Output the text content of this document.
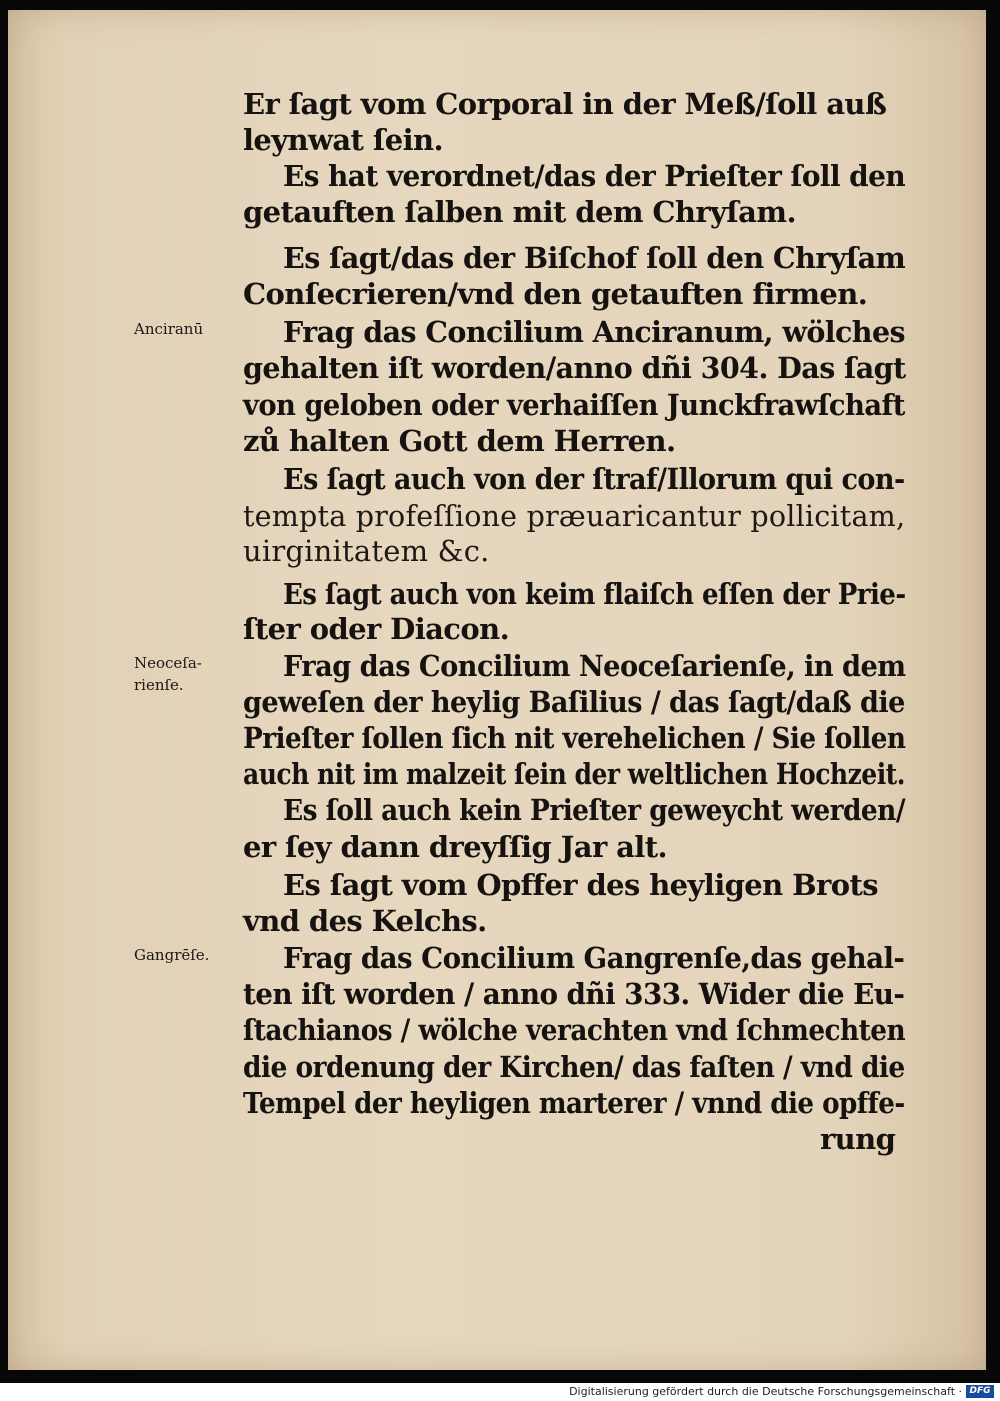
Er ſagt vom Corporal in der Meß/ſoll auß
leynwat ſein.
Es hat verordnet/das der Prieſter ſoll den
getauften ſalben mit dem Chryſam.
Es ſagt/das der Biſchof ſoll den Chryſam
Conſecrieren/vnd den getauften firmen.
Frag das Concilium Anciranum, wölches
gehalten iſt worden/anno dñi 304. Das ſagt
von geloben oder verhaiſſen Junckfrawſchaft
zů halten Gott dem Herren.
Es ſagt auch von der ſtraf/Illorum qui con-
tempta profeſſione præuaricantur pollicitam,
uirginitatem &c.
Es ſagt auch von keim flaiſch eſſen der Prie-
ſter oder Diacon.
Frag das Concilium Neoceſarienſe, in dem
geweſen der heylig Baſilius / das ſagt/daß die
Prieſter ſollen ſich nit verehelichen / Sie ſollen
auch nit im malzeit ſein der weltlichen Hochzeit.
Es ſoll auch kein Prieſter geweycht werden/
er ſey dann dreyſſig Jar alt.
Es ſagt vom Opffer des heyligen Brots
vnd des Kelchs.
Frag das Concilium Gangrenſe,das gehal-
ten iſt worden / anno dñi 333. Wider die Eu-
ſtachianos / wölche verachten vnd ſchmechten
die ordenung der Kirchen/ das faſten / vnd die
Tempel der heyligen marterer / vnnd die opffe-
rung
Anciranū
Neoceſa-
rienſe.
Gangrēſe.
Digitalisierung gefördert durch die Deutsche Forschungsgemeinschaft · DFG
